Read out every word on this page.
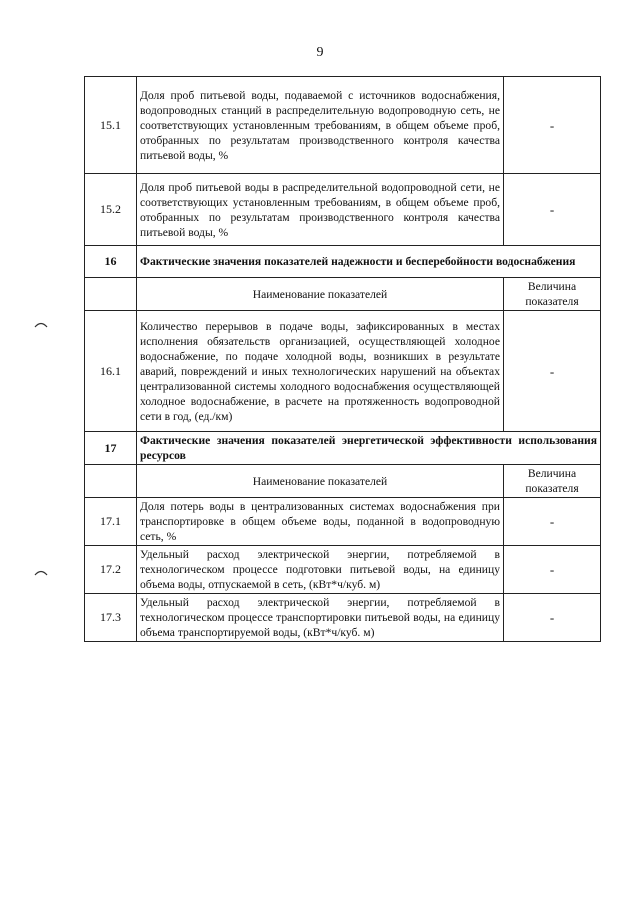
9
15.1	Доля проб питьевой воды, подаваемой с источников водоснабжения, водопроводных станций в распределительную водопроводную сеть, не соответствующих установленным требованиям, в общем объеме проб, отобранных по результатам производственного контроля качества питьевой воды, %	-
15.2	Доля проб питьевой воды в распределительной водопроводной сети, не соответствующих установленным требованиям, в общем объеме проб, отобранных по результатам производственного контроля качества питьевой воды, %	-
16	Фактические значения показателей надежности и бесперебойности водоснабжения	
	Наименование показателей	Величина показателя
16.1	Количество перерывов в подаче воды, зафиксированных в местах исполнения обязательств организацией, осуществляющей холодное водоснабжение, по подаче холодной воды, возникших в результате аварий, повреждений и иных технологических нарушений на объектах централизованной системы холодного водоснабжения осуществляющей холодное водоснабжение, в расчете на протяженность водопроводной сети в год, (ед./км)	-
17	Фактические значения показателей энергетической эффективности использования ресурсов	
	Наименование показателей	Величина показателя
17.1	Доля потерь воды в централизованных системах водоснабжения при транспортировке в общем объеме воды, поданной в водопроводную сеть, %	-
17.2	Удельный расход электрической энергии, потребляемой в технологическом процессе подготовки питьевой воды, на единицу объема воды, отпускаемой в сеть, (кВт*ч/куб. м)	-
17.3	Удельный расход электрической энергии, потребляемой в технологическом процессе транспортировки питьевой воды, на единицу объема транспортируемой воды, (кВт*ч/куб. м)	-
